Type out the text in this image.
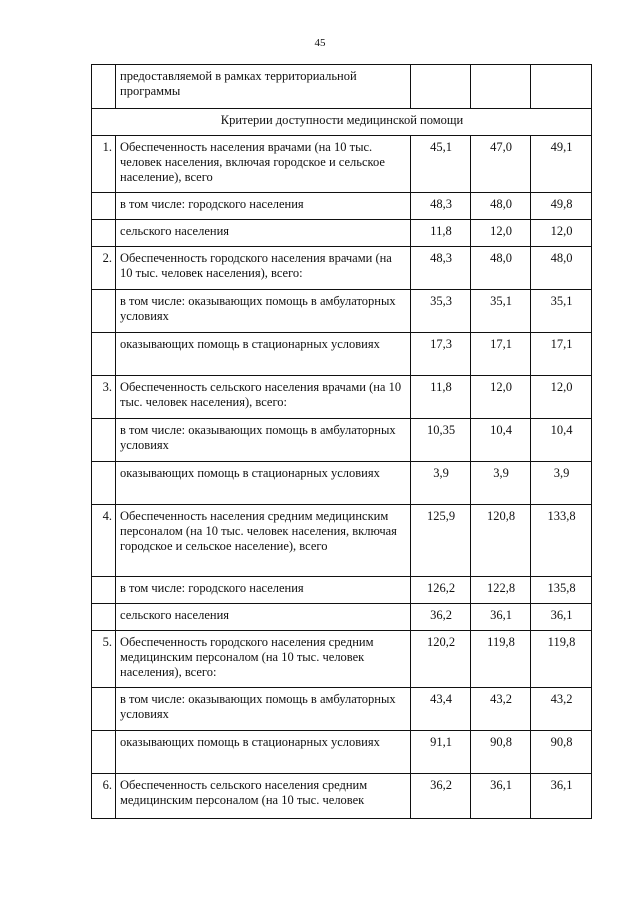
45
	предоставляемой в рамках территориальной программы			
Критерии доступности медицинской помощи				
1.	Обеспеченность населения врачами (на 10 тыс. человек населения, включая городское и сельское население), всего	45,1	47,0	49,1
	в том числе: городского населения	48,3	48,0	49,8
	сельского населения	11,8	12,0	12,0
2.	Обеспеченность городского населения врачами (на 10 тыс. человек населения), всего:	48,3	48,0	48,0
	в том числе: оказывающих помощь в амбулаторных условиях	35,3	35,1	35,1
	оказывающих помощь в стационарных условиях	17,3	17,1	17,1
3.	Обеспеченность сельского населения врачами (на 10 тыс. человек населения), всего:	11,8	12,0	12,0
	в том числе: оказывающих помощь в амбулаторных условиях	10,35	10,4	10,4
	оказывающих помощь в стационарных условиях	3,9	3,9	3,9
4.	Обеспеченность населения средним медицинским персоналом (на 10 тыс. человек населения, включая городское и сельское население), всего	125,9	120,8	133,8
	в том числе: городского населения	126,2	122,8	135,8
	сельского населения	36,2	36,1	36,1
5.	Обеспеченность городского населения средним медицинским персоналом (на 10 тыс. человек населения), всего:	120,2	119,8	119,8
	в том числе: оказывающих помощь в амбулаторных условиях	43,4	43,2	43,2
	оказывающих помощь в стационарных условиях	91,1	90,8	90,8
6.	Обеспеченность сельского населения средним медицинским персоналом (на 10 тыс. человек	36,2	36,1	36,1
